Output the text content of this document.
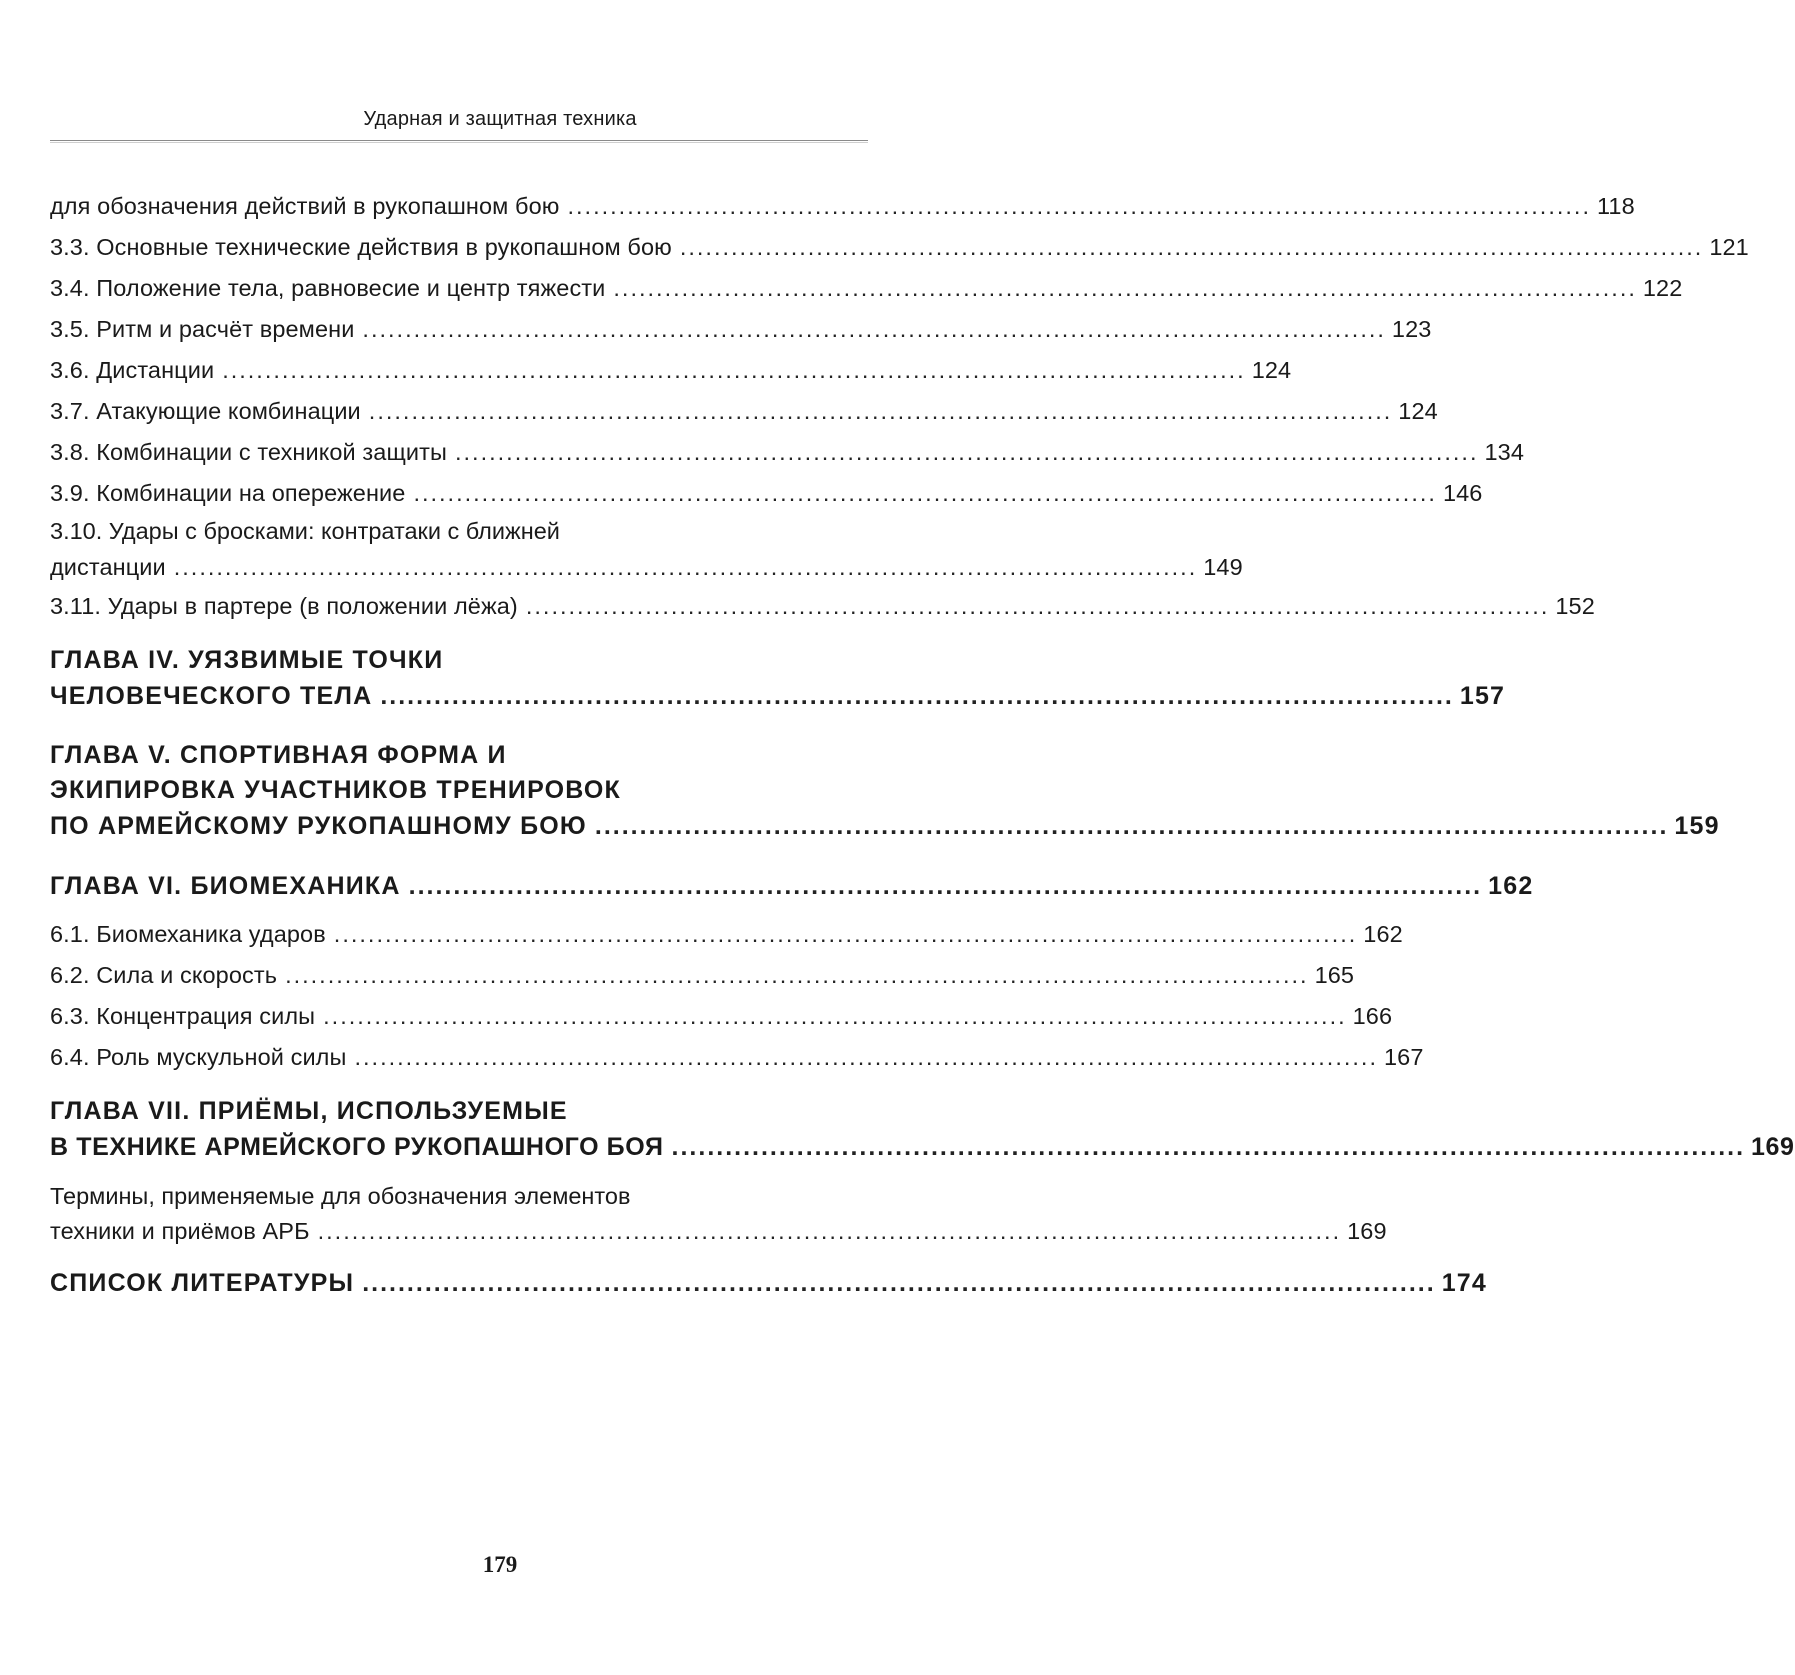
Ударная и защитная техника
для обозначения действий в рукопашном бою ........................................................................................................................ 118
3.3. Основные технические действия в рукопашном бою ........................................................................................................................ 121
3.4. Положение тела, равновесие и центр тяжести ........................................................................................................................ 122
3.5. Ритм и расчёт времени ........................................................................................................................ 123
3.6. Дистанции ........................................................................................................................ 124
3.7. Атакующие комбинации ........................................................................................................................ 124
3.8. Комбинации с техникой защиты ........................................................................................................................ 134
3.9. Комбинации на опережение ........................................................................................................................ 146
3.10. Удары с бросками: контратаки с ближней
дистанции ........................................................................................................................ 149
3.11. Удары в партере (в положении лёжа) ........................................................................................................................ 152
ГЛАВА IV. УЯЗВИМЫЕ ТОЧКИ
ЧЕЛОВЕЧЕСКОГО ТЕЛА ........................................................................................................................ 157
ГЛАВА V. СПОРТИВНАЯ ФОРМА И
ЭКИПИРОВКА УЧАСТНИКОВ ТРЕНИРОВОК
ПО АРМЕЙСКОМУ РУКОПАШНОМУ БОЮ ........................................................................................................................ 159
ГЛАВА VI. БИОМЕХАНИКА ........................................................................................................................ 162
6.1. Биомеханика ударов ........................................................................................................................ 162
6.2. Сила и скорость ........................................................................................................................ 165
6.3. Концентрация силы ........................................................................................................................ 166
6.4. Роль мускульной силы ........................................................................................................................ 167
ГЛАВА VII. ПРИЁМЫ, ИСПОЛЬЗУЕМЫЕ
В ТЕХНИКЕ АРМЕЙСКОГО РУКОПАШНОГО БОЯ ........................................................................................................................ 169
Термины, применяемые для обозначения элементов
техники и приёмов АРБ ........................................................................................................................ 169
СПИСОК ЛИТЕРАТУРЫ ........................................................................................................................ 174
179
